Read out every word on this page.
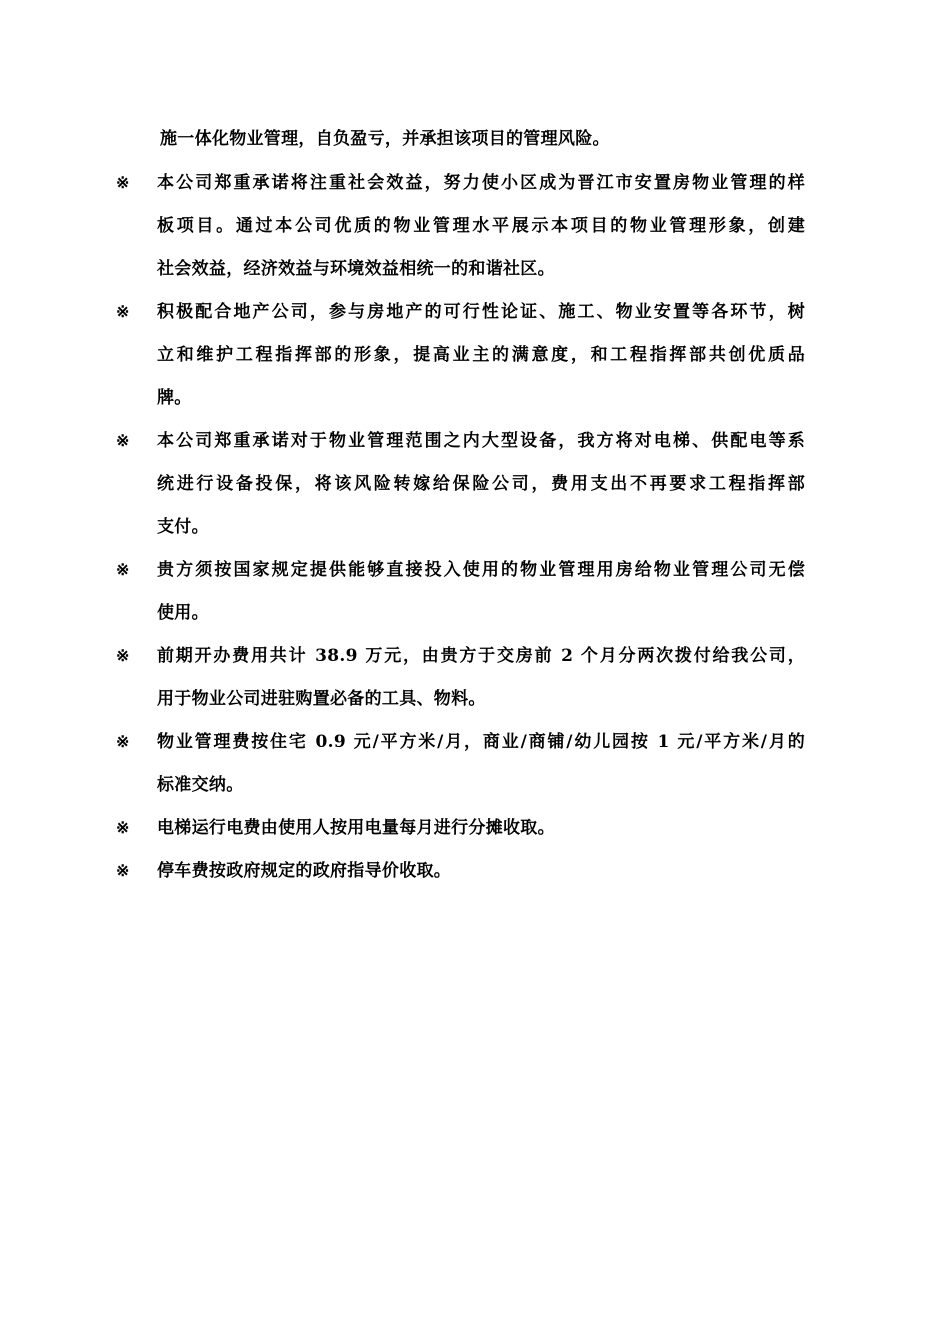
施一体化物业管理，自负盈亏，并承担该项目的管理风险。
※	本公司郑重承诺将注重社会效益，努力使小区成为晋江市安置房物业管理的样
板项目。通过本公司优质的物业管理水平展示本项目的物业管理形象，创建
社会效益，经济效益与环境效益相统一的和谐社区。
※	积极配合地产公司，参与房地产的可行性论证、施工、物业安置等各环节，树
立和维护工程指挥部的形象，提高业主的满意度，和工程指挥部共创优质品
牌。
※	本公司郑重承诺对于物业管理范围之内大型设备，我方将对电梯、供配电等系
统进行设备投保，将该风险转嫁给保险公司，费用支出不再要求工程指挥部
支付。
※	贵方须按国家规定提供能够直接投入使用的物业管理用房给物业管理公司无偿
使用。
※	前期开办费用共计 38.9 万元，由贵方于交房前 2 个月分两次拨付给我公司，
用于物业公司进驻购置必备的工具、物料。
※	物业管理费按住宅 0.9 元/平方米/月，商业/商铺/幼儿园按 1 元/平方米/月的
标准交纳。
※	电梯运行电费由使用人按用电量每月进行分摊收取。
※	停车费按政府规定的政府指导价收取。
